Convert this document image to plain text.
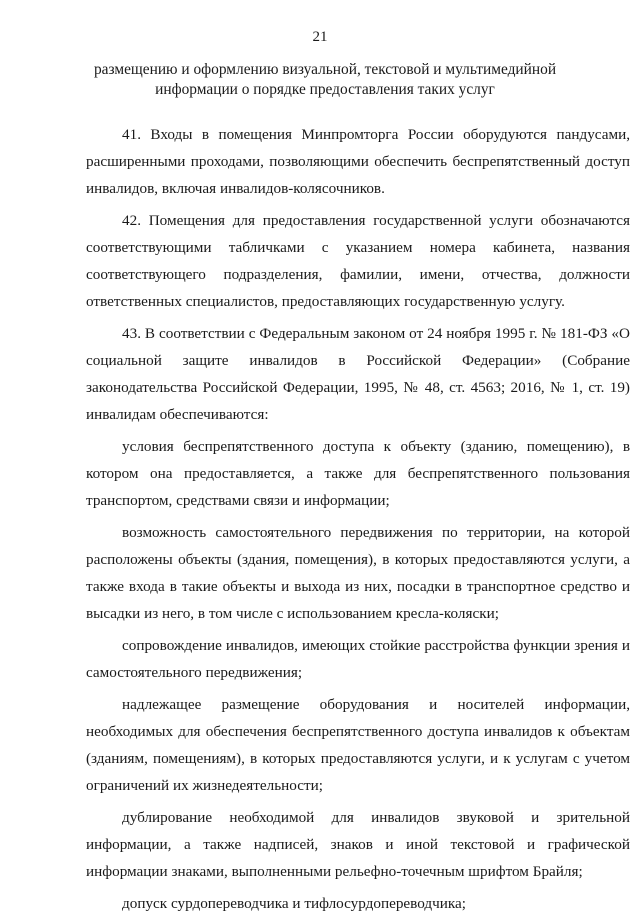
21
размещению и оформлению визуальной, текстовой и мультимедийной информации о порядке предоставления таких услуг

41. Входы в помещения Минпромторга России оборудуются пандусами, расширенными проходами, позволяющими обеспечить беспрепятственный доступ инвалидов, включая инвалидов-колясочников.

42. Помещения для предоставления государственной услуги обозначаются соответствующими табличками с указанием номера кабинета, названия соответствующего подразделения, фамилии, имени, отчества, должности ответственных специалистов, предоставляющих государственную услугу.

43. В соответствии с Федеральным законом от 24 ноября 1995 г. № 181-ФЗ «О социальной защите инвалидов в Российской Федерации» (Собрание законодательства Российской Федерации, 1995, № 48, ст. 4563; 2016, № 1, ст. 19) инвалидам обеспечиваются:

условия беспрепятственного доступа к объекту (зданию, помещению), в котором она предоставляется, а также для беспрепятственного пользования транспортом, средствами связи и информации;

возможность самостоятельного передвижения по территории, на которой расположены объекты (здания, помещения), в которых предоставляются услуги, а также входа в такие объекты и выхода из них, посадки в транспортное средство и высадки из него, в том числе с использованием кресла-коляски;

сопровождение инвалидов, имеющих стойкие расстройства функции зрения и самостоятельного передвижения;

надлежащее размещение оборудования и носителей информации, необходимых для обеспечения беспрепятственного доступа инвалидов к объектам (зданиям, помещениям), в которых предоставляются услуги, и к услугам с учетом ограничений их жизнедеятельности;

дублирование необходимой для инвалидов звуковой и зрительной информации, а также надписей, знаков и иной текстовой и графической информации знаками, выполненными рельефно-точечным шрифтом Брайля;

допуск сурдопереводчика и тифлосурдопереводчика;
